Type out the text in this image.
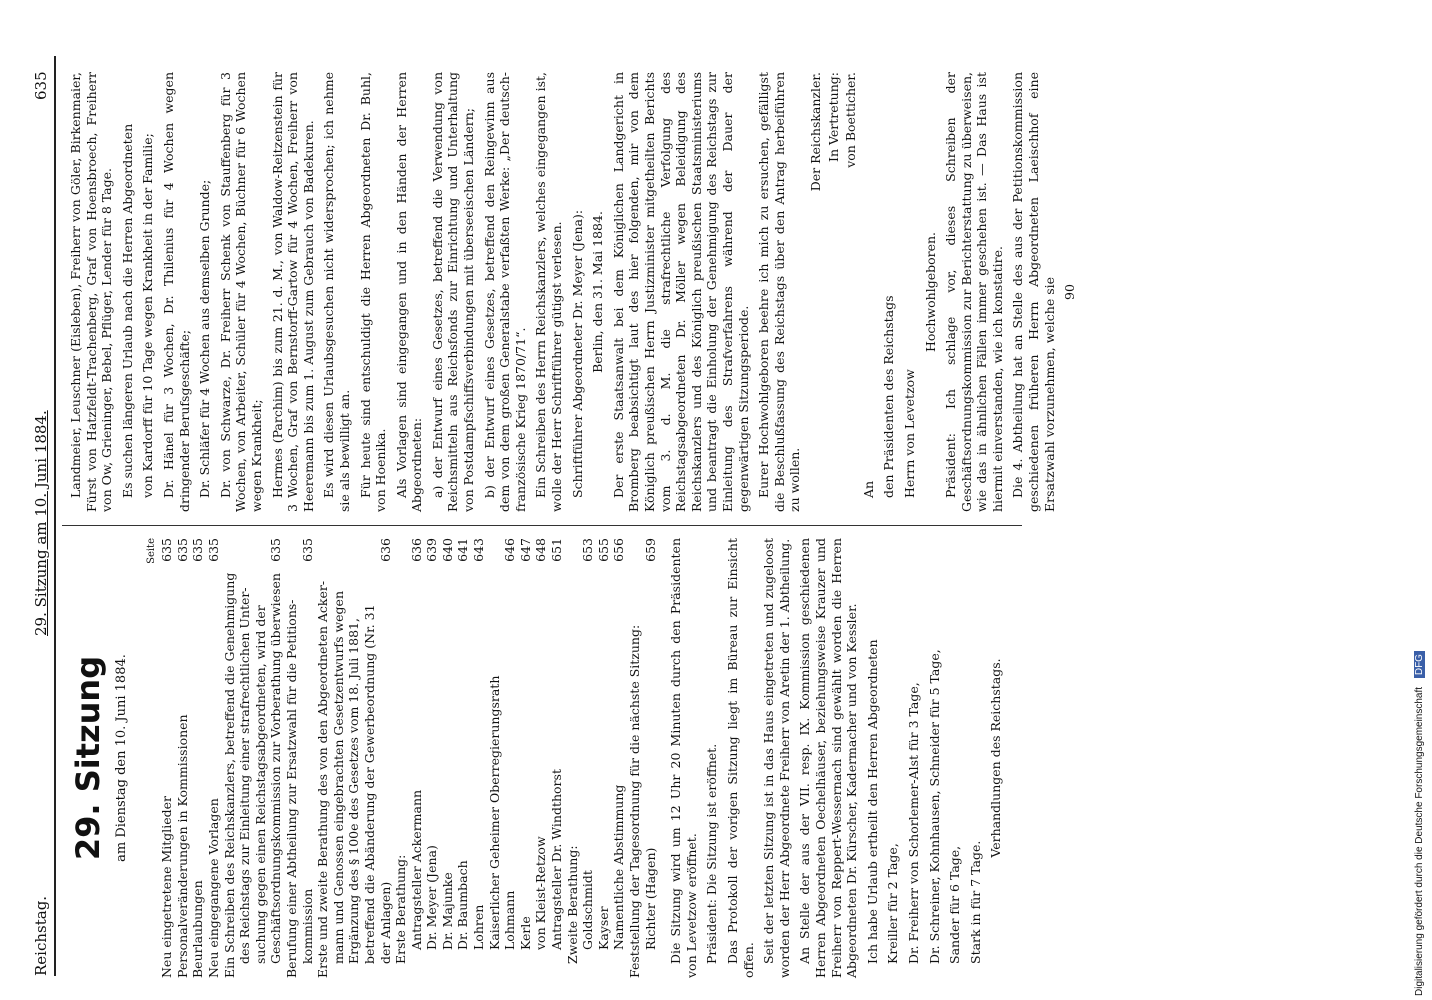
Reichstag.
29. Sitzung am 10. Juni 1884.
635
29. Sitzung am Dienstag den 10. Juni 1884.
Seite
Neu eingetretene Mitglieder
635
Personalveränderungen in Kommissionen
635
Beurlaubungen
635
Neu eingegangene Vorlagen
635
Ein Schreiben des Reichskanzlers, betreffend die Genehmigung des Reichstags zur Einleitung einer strafrechtlichen Unter- suchung gegen einen Reichstagsabgeordneten, wird der Geschäftsordnungskommission zur Vorberathung überwiesen
635
Berufung einer Abtheilung zur Ersatzwahl für die Petitions- kommission
635
Erste und zweite Berathung des von den Abgeordneten Acker- mann und Genossen eingebrachten Gesetzentwurfs wegen Ergänzung des § 100e des Gesetzes vom 18. Juli 1881, betreffend die Abänderung der Gewerbeordnung (Nr. 31 der Anlagen)
636
Erste Berathung: Antragsteller Ackermann
636
Dr. Meyer (Jena)
639
Dr. Majunke
640
Dr. Baumbach
641
Lohren
643
Kaiserlicher Geheimer Oberregierungsrath Lohmann
646
Kerle
647
von Kleist-Retzow
648
Antragsteller Dr. Windthorst
651
Zweite Berathung: Goldschmidt
653
Kayser
655
Namentliche Abstimmung
656
Feststellung der Tagesordnung für die nächste Sitzung: Richter (Hagen)
659 Die Sitzung wird um 12 Uhr 20 Minuten durch den Präsidenten von Levetzow eröffnet. Präsident: Die Sitzung ist eröffnet. Das Protokoll der vorigen Sitzung liegt im Büreau zur Einsicht offen. Seit der letzten Sitzung ist in das Haus eingetreten und zugeloost worden der Herr Abgeordnete Freiherr von Aretin der 1. Abtheilung. An Stelle der aus der VII. resp. IX. Kommission geschiedenen Herren Abgeordneten Oechelhäuser, beziehungsweise Krauzer und Freiherr von Reppert-Wessernach sind gewählt worden die Herren Abgeordneten Dr. Kürscher, Kadermacher und von Kessler. Ich habe Urlaub ertheilt den Herren Abgeordneten Kreiller für 2 Tage, Dr. Freiherr von Schorlemer-Alst für 3 Tage, Dr. Schreiner, Kohnhausen, Schneider für 5 Tage, Sander für 6 Tage, Stark in für 7 Tage.
Verhandlungen des Reichstags.
Landmeier, Leuschner (Eisleben), Freiherr von Göler, Birkenmaier, Fürst von Hatzfeldt-Trachenberg, Graf von Hoensbroech, Freiherr von Ow, Grieninger, Bebel, Pflüger, Lender für 8 Tage. Es suchen längeren Urlaub nach die Herren Abgeordneten von Kardorff für 10 Tage wegen Krankheit in der Familie; Dr. Hänel für 3 Wochen, Dr. Thilenius für 4 Wochen wegen dringender Berufsgeschäfte; Dr. Schläfer für 4 Wochen aus demselben Grunde; Dr. von Schwarze, Dr. Freiherr Schenk von Stauffenberg für 3 Wochen, von Arbeiter, Schüler für 4 Wochen, Büchner für 6 Wochen wegen Krankheit; Hermes (Parchim) bis zum 21. d. M., von Waldow-Reitzenstein für 3 Wochen, Graf von Bernstorff-Gartow für 4 Wochen, Freiherr von Heeremann bis zum 1. August zum Gebrauch von Badekuren. Es wird diesen Urlaubsgesuchen nicht widersprochen; ich nehme sie als bewilligt an. Für heute sind entschuldigt die Herren Abgeordneten Dr. Buhl, von Hoenika. Als Vorlagen sind eingegangen und in den Händen der Herren Abgeordneten: a) der Entwurf eines Gesetzes, betreffend die Verwendung von Reichsmitteln aus Reichsfonds zur Einrichtung und Unterhaltung von Postdampfschiffsverbindungen mit überseeischen Ländern; b) der Entwurf eines Gesetzes, betreffend den Reingewinn aus dem von dem großen Generalstabe verfaßten Werke: „Der deutsch-französische Krieg 1870/71“. Ein Schreiben des Herrn Reichskanzlers, welches eingegangen ist, wolle der Herr Schriftführer gütigst verlesen. Schriftführer Abgeordneter Dr. Meyer (Jena): Berlin, den 31. Mai 1884. Der erste Staatsanwalt bei dem Königlichen Landgericht in Bromberg beabsichtigt laut des hier folgenden, mir von dem Königlich preußischen Herrn Justizminister mitgetheilten Berichts vom 3. d. M. die strafrechtliche Verfolgung des Reichstagsabgeordneten Dr. Möller wegen Beleidigung des Reichskanzlers und des Königlich preußischen Staatsministeriums und beantragt die Einholung der Genehmigung des Reichstags zur Einleitung des Strafverfahrens während der Dauer der gegenwärtigen Sitzungsperiode. Eurer Hochwohlgeboren beehre ich mich zu ersuchen, gefälligst die Beschlußfassung des Reichstags über den Antrag herbeiführen zu wollen.
Der Reichskanzler. In Vertretung: von Boetticher.
An den Präsidenten des Reichstags Herrn von Levetzow
Hochwohlgeboren. Präsident: Ich schlage vor, dieses Schreiben der Geschäftsordnungskommission zur Berichterstattung zu überweisen, wie das in ähnlichen Fällen immer geschehen ist. — Das Haus ist hiermit einverstanden, wie ich konstatire. Die 4. Abtheilung hat an Stelle des aus der Petitionskommission geschiedenen früheren Herrn Abgeordneten Laeischhof eine Ersatzwahl vorzunehmen, welche sie 90
Digitalisierung gefördert durch die Deutsche Forschungsgemeinschaft DFG
